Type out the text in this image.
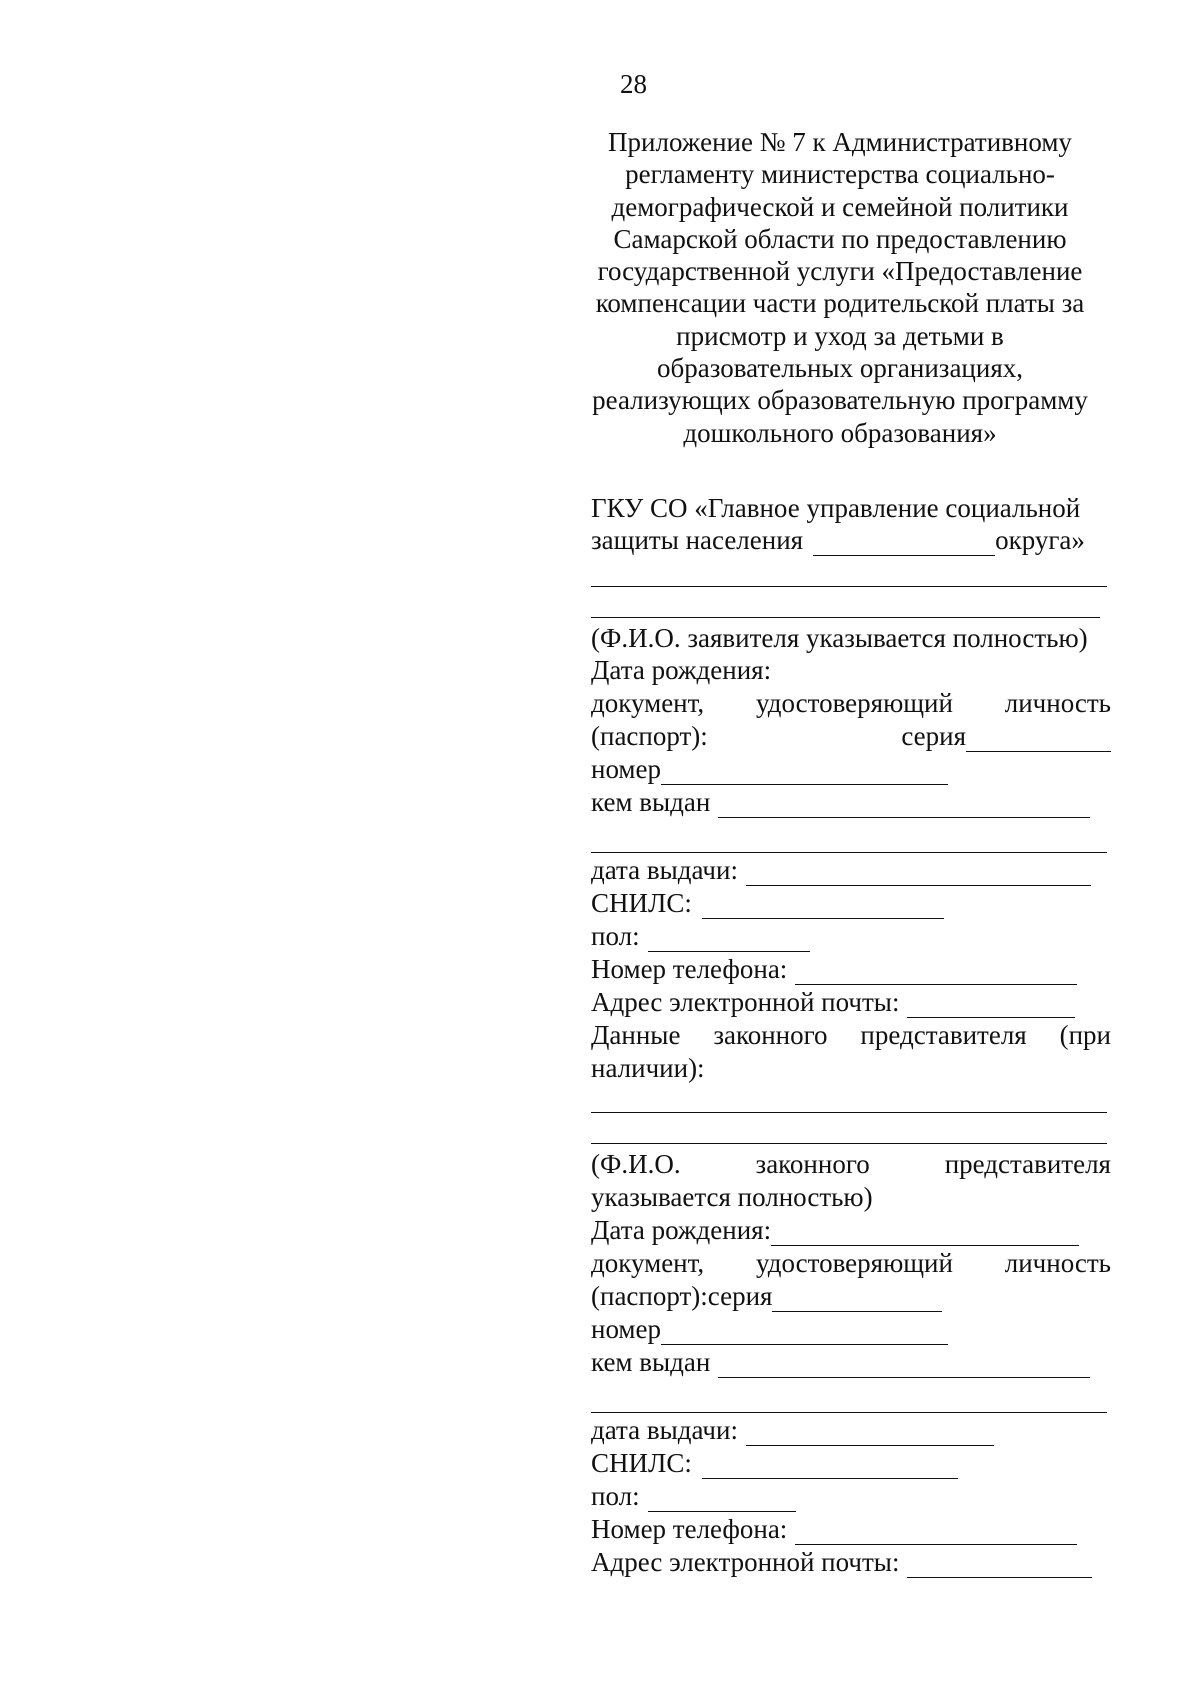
28
Приложение № 7 к Административному
регламенту министерства социально-
демографической и семейной политики
Самарской области по предоставлению
государственной услуги «Предоставление
компенсации части родительской платы за
присмотр и уход за детьми в
образовательных организациях,
реализующих образовательную программу
дошкольного образования»
ГКУ СО «Главное управление социальной
защиты населения	округа»
(Ф.И.О. заявителя указывается полностью)
Дата рождения:
документ, удостоверяющий личность
(паспорт):	серия
номер
кем выдан
дата выдачи:
СНИЛС:
пол:
Номер телефона:
Адрес электронной почты:
Данные законного представителя (при
наличии):
(Ф.И.О.	законного	представителя
указывается полностью)
Дата рождения:
документ, удостоверяющий личность
(паспорт):серия
номер
кем выдан
дата выдачи:
СНИЛС:
пол:
Номер телефона:
Адрес электронной почты:
